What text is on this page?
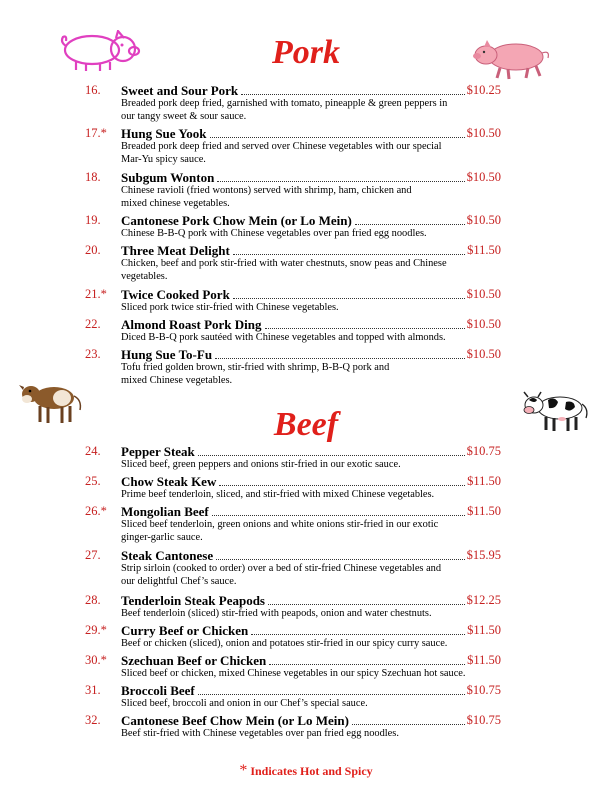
Pork
16. Sweet and Sour Pork	$10.25
Breaded pork deep fried, garnished with tomato, pineapple & green peppers in
our tangy sweet & sour sauce.
17.* Hung Sue Yook	$10.50
Breaded pork deep fried and served over Chinese vegetables with our special
Mar-Yu spicy sauce.
18. Subgum Wonton	$10.50
Chinese ravioli (fried wontons) served with shrimp, ham, chicken and
mixed chinese vegetables.
19. Cantonese Pork Chow Mein (or Lo Mein)	$10.50
Chinese B-B-Q pork with Chinese vegetables over pan fried egg noodles.
20. Three Meat Delight	$11.50
Chicken, beef and pork stir-fried with water chestnuts, snow peas and Chinese
vegetables.
21.* Twice Cooked Pork	$10.50
Sliced pork twice stir-fried with Chinese vegetables.
22. Almond Roast Pork Ding	$10.50
Diced B-B-Q pork sautéed with Chinese vegetables and topped with almonds.
23. Hung Sue To-Fu	$10.50
Tofu fried golden brown, stir-fried with shrimp, B-B-Q pork and
mixed Chinese vegetables.
Beef
24. Pepper Steak	$10.75
Sliced beef, green peppers and onions stir-fried in our exotic sauce.
25. Chow Steak Kew	$11.50
Prime beef tenderloin, sliced, and stir-fried with mixed Chinese vegetables.
26.* Mongolian Beef	$11.50
Sliced beef tenderloin, green onions and white onions stir-fried in our exotic
ginger-garlic sauce.
27. Steak Cantonese	$15.95
Strip sirloin (cooked to order) over a bed of stir-fried Chinese vegetables and
our delightful Chef’s sauce.
28. Tenderloin Steak Peapods	$12.25
Beef tenderloin (sliced) stir-fried with peapods, onion and water chestnuts.
29.* Curry Beef or Chicken	$11.50
Beef or chicken (sliced), onion and potatoes stir-fried in our spicy curry sauce.
30.* Szechuan Beef or Chicken	$11.50
Sliced beef or chicken, mixed Chinese vegetables in our spicy Szechuan hot sauce.
31. Broccoli Beef	$10.75
Sliced beef, broccoli and onion in our Chef’s special sauce.
32. Cantonese Beef Chow Mein (or Lo Mein)	$10.75
Beef stir-fried with Chinese vegetables over pan fried egg noodles.
* Indicates Hot and Spicy
